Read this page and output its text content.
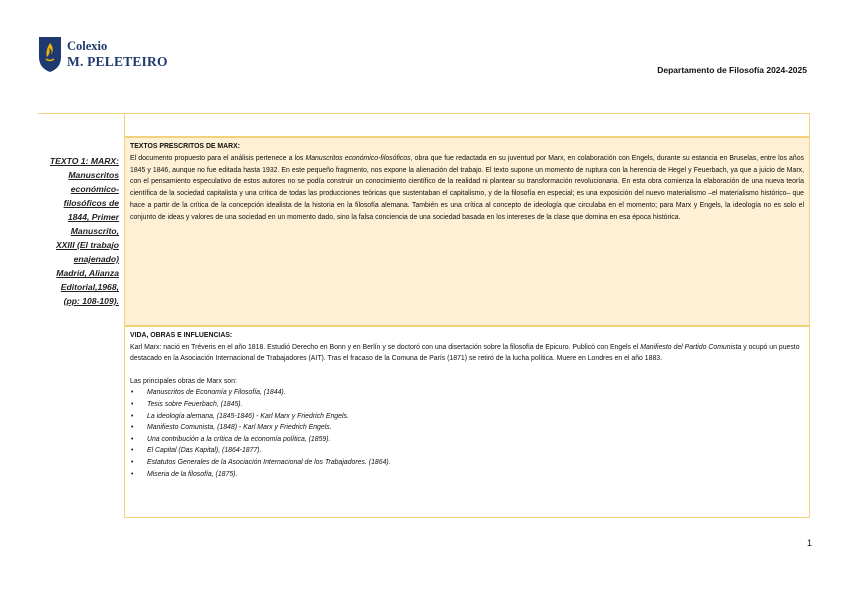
Colexio
M. PELETEIRO
Departamento de Filosofía 2024-2025
TEXTO 1: MARX:
Manuscritos
económico-
filosóficos de
1844, Primer
Manuscrito,
XXIII (El trabajo
enajenado)
Madrid, Alianza
Editorial,1968,
(pp: 108-109).
TEXTOS PRESCRITOS DE MARX:
El documento propuesto para el análisis pertenece a los Manuscritos económico-filosóficos, obra que fue redactada en su juventud por Marx, en colaboración con Engels, durante su estancia en Bruselas, entre los años 1845 y 1846, aunque no fue editada hasta 1932. En este pequeño fragmento, nos expone la alienación del trabajo. El texto supone un momento de ruptura con la herencia de Hegel y Feuerbach, ya que a juicio de Marx, con el pensamiento especulativo de estos autores no se podía construir un conocimiento científico de la realidad ni plantear su transformación revolucionaria. En esta obra comienza la elaboración de una nueva teoría científica de la sociedad capitalista y una crítica de todas las producciones teóricas que sustentaban el capitalismo, y de la filosofía en especial; es una exposición del nuevo materialismo –el materialismo histórico– que hace a partir de la crítica de la concepción idealista de la historia en la filosofía alemana. También es una crítica al concepto de ideología que circulaba en el momento; para Marx y Engels, la ideología no es solo el conjunto de ideas y valores de una sociedad en un momento dado, sino la falsa conciencia de una sociedad basada en los intereses de la clase que domina en esa época histórica.
VIDA, OBRAS E INFLUENCIAS:
Karl Marx: nació en Tréveris en el año 1818. Estudió Derecho en Bonn y en Berlín y se doctoró con una disertación sobre la filosofía de Epicuro. Publicó con Engels el Manifiesto del Partido Comunista y ocupó un puesto destacado en la Asociación Internacional de Trabajadores (AIT). Tras el fracaso de la Comuna de París (1871) se retiró de la lucha política. Muere en Londres en el año 1883.
Las principales obras de Marx son:
• Manuscritos de Economía y Filosofía, (1844).
• Tesis sobre Feuerbach, (1845).
• La ideología alemana, (1845-1846) - Karl Marx y Friedrich Engels.
• Manifiesto Comunista, (1848) - Karl Marx y Friedrich Engels.
• Una contribución a la crítica de la economía política, (1859).
• El Capital (Das Kapital), (1864-1877).
• Estatutos Generales de la Asociación Internacional de los Trabajadores. (1864).
• Miseria de la filosofía, (1875).
1
